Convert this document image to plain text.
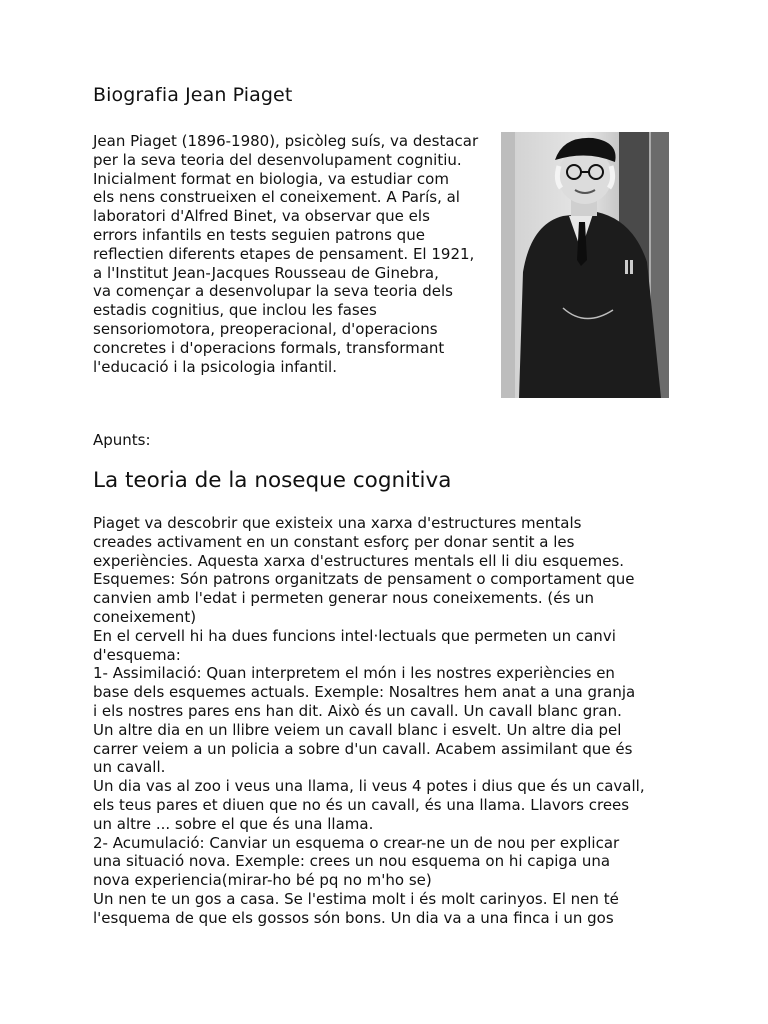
Biografia Jean Piaget

Jean Piaget (1896-1980), psicòleg suís, va destacar
per la seva teoria del desenvolupament cognitiu.
Inicialment format en biologia, va estudiar com
els nens construeixen el coneixement. A París, al
laboratori d'Alfred Binet, va observar que els
errors infantils en tests seguien patrons que
reflectien diferents etapes de pensament. El 1921,
a l'Institut Jean-Jacques Rousseau de Ginebra,
va començar a desenvolupar la seva teoria dels
estadis cognitius, que inclou les fases
sensoriomotora, preoperacional, d'operacions
concretes i d'operacions formals, transformant
l'educació i la psicologia infantil.

Apunts:

La teoria de la noseque cognitiva

Piaget va descobrir que existeix una xarxa d'estructures mentals
creades activament en un constant esforç per donar sentit a les
experiències. Aquesta xarxa d'estructures mentals ell li diu esquemes.
Esquemes: Són patrons organitzats de pensament o comportament que
canvien amb l'edat i permeten generar nous coneixements. (és un
coneixement)
En el cervell hi ha dues funcions intel·lectuals que permeten un canvi
d'esquema:
1- Assimilació: Quan interpretem el món i les nostres experiències en
base dels esquemes actuals. Exemple: Nosaltres hem anat a una granja
i els nostres pares ens han dit. Això és un cavall. Un cavall blanc gran.
Un altre dia en un llibre veiem un cavall blanc i esvelt. Un altre dia pel
carrer veiem a un policia a sobre d'un cavall. Acabem assimilant que és
un cavall.
Un dia vas al zoo i veus una llama, li veus 4 potes i dius que és un cavall,
els teus pares et diuen que no és un cavall, és una llama. Llavors crees
un altre ... sobre el que és una llama.
2- Acumulació: Canviar un esquema o crear-ne un de nou per explicar
una situació nova. Exemple: crees un nou esquema on hi capiga una
nova experiencia(mirar-ho bé pq no m'ho se)
Un nen te un gos a casa. Se l'estima molt i és molt carinyos. El nen té
l'esquema de que els gossos són bons. Un dia va a una finca i un gos
